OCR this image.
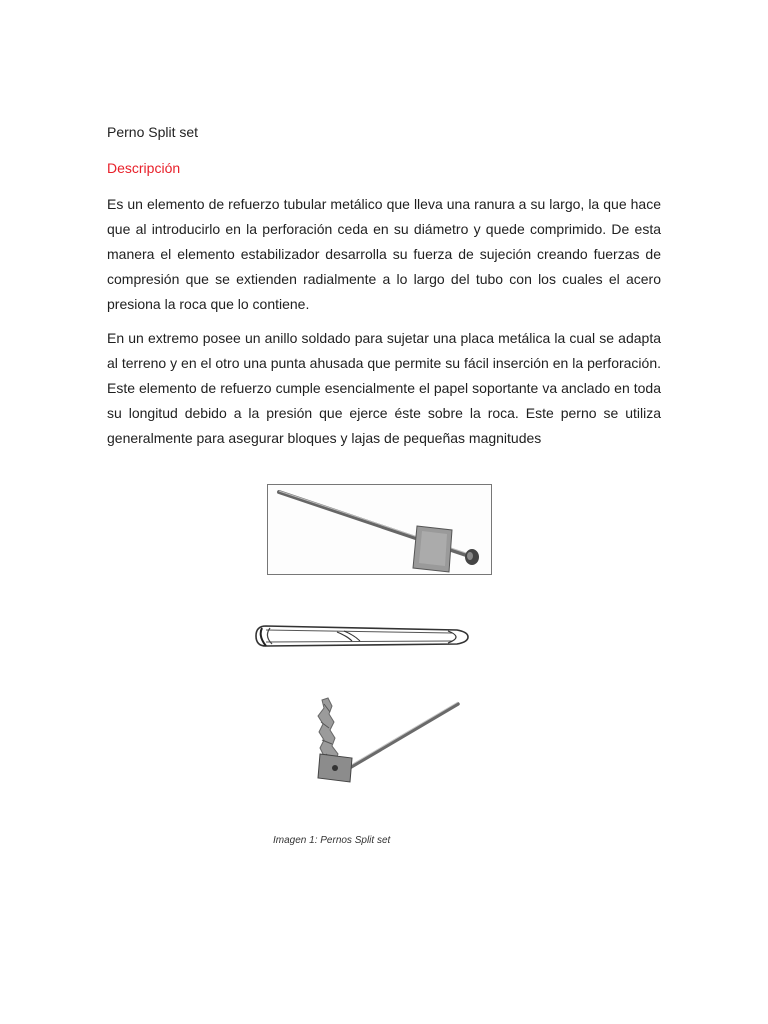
Perno Split set
Descripción
Es un elemento de refuerzo tubular metálico que lleva una ranura a su largo, la que hace que al introducirlo en la perforación ceda en su diámetro y quede comprimido. De esta manera el elemento estabilizador desarrolla su fuerza de sujeción creando fuerzas de compresión que se extienden radialmente a lo largo del tubo con los cuales el acero presiona la roca que lo contiene.
En un extremo posee un anillo soldado para sujetar una placa metálica la cual se adapta al terreno y en el otro una punta ahusada que permite su fácil inserción en la perforación. Este elemento de refuerzo cumple esencialmente el papel soportante va anclado en toda su longitud debido a la presión que ejerce éste sobre la roca. Este perno se utiliza generalmente para asegurar bloques y lajas de pequeñas magnitudes
Imagen 1: Pernos Split set
